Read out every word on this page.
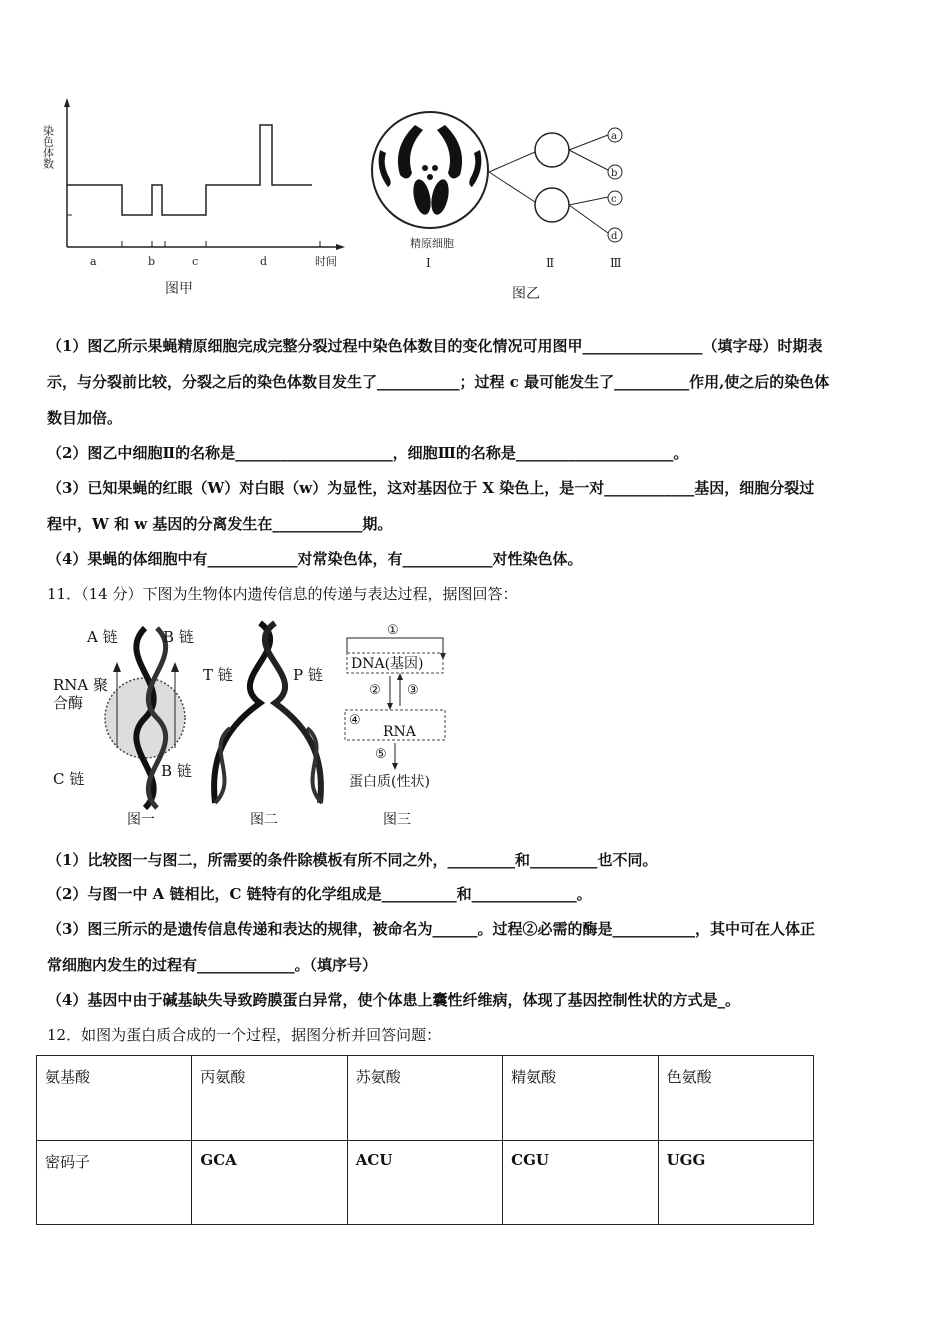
染色体数
a	b	c	d	时间
图甲
a
b
c
d
精原细胞
Ⅰ	Ⅱ	Ⅲ
图乙
（1）图乙所示果蝇精原细胞完成完整分裂过程中染色体数目的变化情况可用图甲________________（填字母）时期表
示，与分裂前比较，分裂之后的染色体数目发生了___________；过程 c 最可能发生了__________作用,使之后的染色体
数目加倍。
（2）图乙中细胞Ⅱ的名称是_____________________，细胞Ⅲ的名称是_____________________。
（3）已知果蝇的红眼（W）对白眼（w）为显性，这对基因位于 X 染色上，是一对____________基因，细胞分裂过
程中，W 和 w 基因的分离发生在____________期。
（4）果蝇的体细胞中有____________对常染色体，有____________对性染色体。
11．（14 分）下图为生物体内遗传信息的传递与表达过程，据图回答：
A 链	B 链
RNA 聚
合酶
C 链	B 链
图一
T 链	P 链
图二
①
DNA(基因)
② ③
④
RNA
⑤
蛋白质(性状)
图三
（1）比较图一与图二，所需要的条件除模板有所不同之外，_________和_________也不同。
（2）与图一中 A 链相比，C 链特有的化学组成是__________和______________。
（3）图三所示的是遗传信息传递和表达的规律，被命名为______。过程②必需的酶是___________，其中可在人体正
常细胞内发生的过程有_____________。（填序号）
（4）基因中由于碱基缺失导致跨膜蛋白异常，使个体患上囊性纤维病，体现了基因控制性状的方式是_。
12．如图为蛋白质合成的一个过程，据图分析并回答问题：
氨基酸	丙氨酸	苏氨酸	精氨酸	色氨酸
密码子	GCA	ACU	CGU	UGG
